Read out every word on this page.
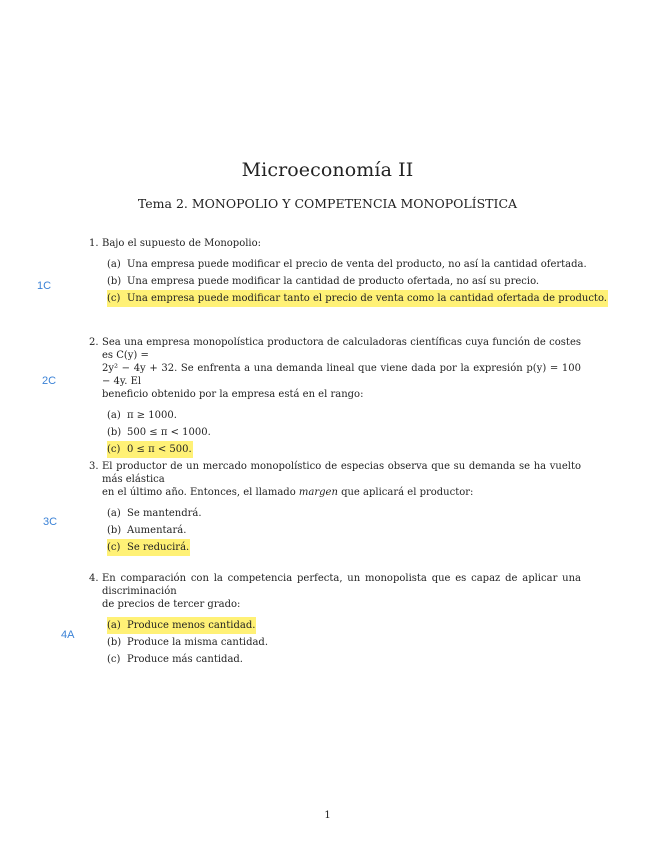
Microeconomía II
Tema 2. MONOPOLIO Y COMPETENCIA MONOPOLÍSTICA
1. Bajo el supuesto de Monopolio:
(a) Una empresa puede modificar el precio de venta del producto, no así la cantidad ofertada.
(b) Una empresa puede modificar la cantidad de producto ofertada, no así su precio.
(c) Una empresa puede modificar tanto el precio de venta como la cantidad ofertada de producto.
1C
2. Sea una empresa monopolística productora de calculadoras científicas cuya función de costes es C(y) =
2y² − 4y + 32. Se enfrenta a una demanda lineal que viene dada por la expresión p(y) = 100 − 4y. El
beneficio obtenido por la empresa está en el rango:
(a) π ≥ 1000.
(b) 500 ≤ π < 1000.
(c) 0 ≤ π < 500.
2C
3. El productor de un mercado monopolístico de especias observa que su demanda se ha vuelto más elástica
en el último año. Entonces, el llamado margen que aplicará el productor:
(a) Se mantendrá.
(b) Aumentará.
(c) Se reducirá.
3C
4. En comparación con la competencia perfecta, un monopolista que es capaz de aplicar una discriminación
de precios de tercer grado:
(a) Produce menos cantidad.
(b) Produce la misma cantidad.
(c) Produce más cantidad.
4A
1
